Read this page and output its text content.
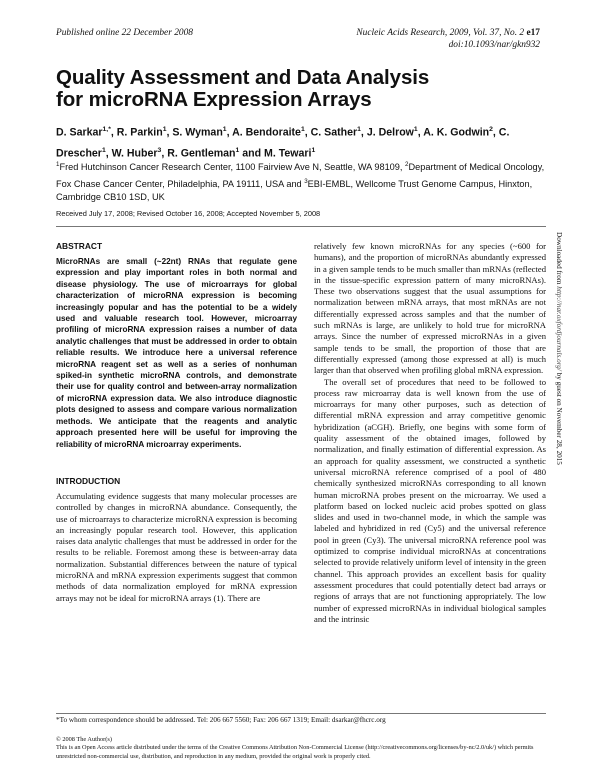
Published online 22 December 2008	Nucleic Acids Research, 2009, Vol. 37, No. 2 e17
doi:10.1093/nar/gkn932
Quality Assessment and Data Analysis
for microRNA Expression Arrays
D. Sarkar$^{1,*}$, R. Parkin$^1$, S. Wyman$^1$, A. Bendoraite$^1$, C. Sather$^1$, J. Delrow$^1$, A. K. Godwin$^2$, C. Drescher$^1$, W. Huber$^3$, R. Gentleman$^1$ and M. Tewari$^1$
$^1$Fred Hutchinson Cancer Research Center, 1100 Fairview Ave N, Seattle, WA 98109, $^2$Department of Medical Oncology, Fox Chase Cancer Center, Philadelphia, PA 19111, USA and $^3$EBI-EMBL, Wellcome Trust Genome Campus, Hinxton, Cambridge CB10 1SD, UK
Received July 17, 2008; Revised October 16, 2008; Accepted November 5, 2008
ABSTRACT

MicroRNAs are small (~22nt) RNAs that regulate gene expression and play important roles in both normal and disease physiology. The use of microarrays for global characterization of microRNA expression is becoming increasingly popular and has the potential to be a widely used and valuable research tool. However, microarray profiling of microRNA expression raises a number of data analytic challenges that must be addressed in order to obtain reliable results. We introduce here a universal reference microRNA reagent set as well as a series of nonhuman spiked-in synthetic microRNA controls, and demonstrate their use for quality control and between-array normalization of microRNA expression data. We also introduce diagnostic plots designed to assess and compare various normalization methods. We anticipate that the reagents and analytic approach presented here will be useful for improving the reliability of microRNA microarray experiments.

INTRODUCTION

Accumulating evidence suggests that many molecular processes are controlled by changes in microRNA abundance. Consequently, the use of microarrays to characterize microRNA expression is becoming an increasingly popular research tool. However, this application raises data analytic challenges that must be addressed in order for the results to be reliable. Foremost among these is between-array data normalization. Substantial differences between the nature of typical microRNA and mRNA expression experiments suggest that common methods of data normalization employed for mRNA expression arrays may not be ideal for microRNA arrays (1). There are

relatively few known microRNAs for any species (~600 for humans), and the proportion of microRNAs abundantly expressed in a given sample tends to be much smaller than mRNAs (reflected in the tissue-specific expression pattern of many microRNAs). These two observations suggest that the usual assumptions for normalization between mRNA arrays, that most mRNAs are not differentially expressed across samples and that the number of such mRNAs is large, are unlikely to hold true for microRNA arrays. Since the number of expressed microRNAs in a given sample tends to be small, the proportion of those that are differentially expressed (among those expressed at all) is much larger than that observed when profiling global mRNA expression.

The overall set of procedures that need to be followed to process raw microarray data is well known from the use of microarrays for many other purposes, such as detection of differential mRNA expression and array competitive genomic hybridization (aCGH). Briefly, one begins with some form of quality assessment of the obtained images, followed by normalization, and finally estimation of differential expression. As an approach for quality assessment, we constructed a synthetic universal microRNA reference comprised of a pool of 480 chemically synthesized microRNAs corresponding to all known human microRNA probes present on the microarray. We used a platform based on locked nucleic acid probes spotted on glass slides and used in two-channel mode, in which the sample was labeled and hybridized in red (Cy5) and the universal reference pool in green (Cy3). The universal microRNA reference pool was optimized to comprise individual microRNAs at concentrations selected to provide relatively uniform level of intensity in the green channel. This approach provides an excellent basis for quality assessment procedures that could potentially detect bad arrays or regions of arrays that are not functioning appropriately. The low number of expressed microRNAs in individual biological samples and the intrinsic

Downloaded from http://nar.oxfordjournals.org/ by guest on November 28, 2015
*To whom correspondence should be addressed. Tel: 206 667 5560; Fax: 206 667 1319; Email: dsarkar@fhcrc.org
© 2008 The Author(s)
This is an Open Access article distributed under the terms of the Creative Commons Attribution Non-Commercial License (http://creativecommons.org/licenses/by-nc/2.0/uk/) which permits unrestricted non-commercial use, distribution, and reproduction in any medium, provided the original work is properly cited.
